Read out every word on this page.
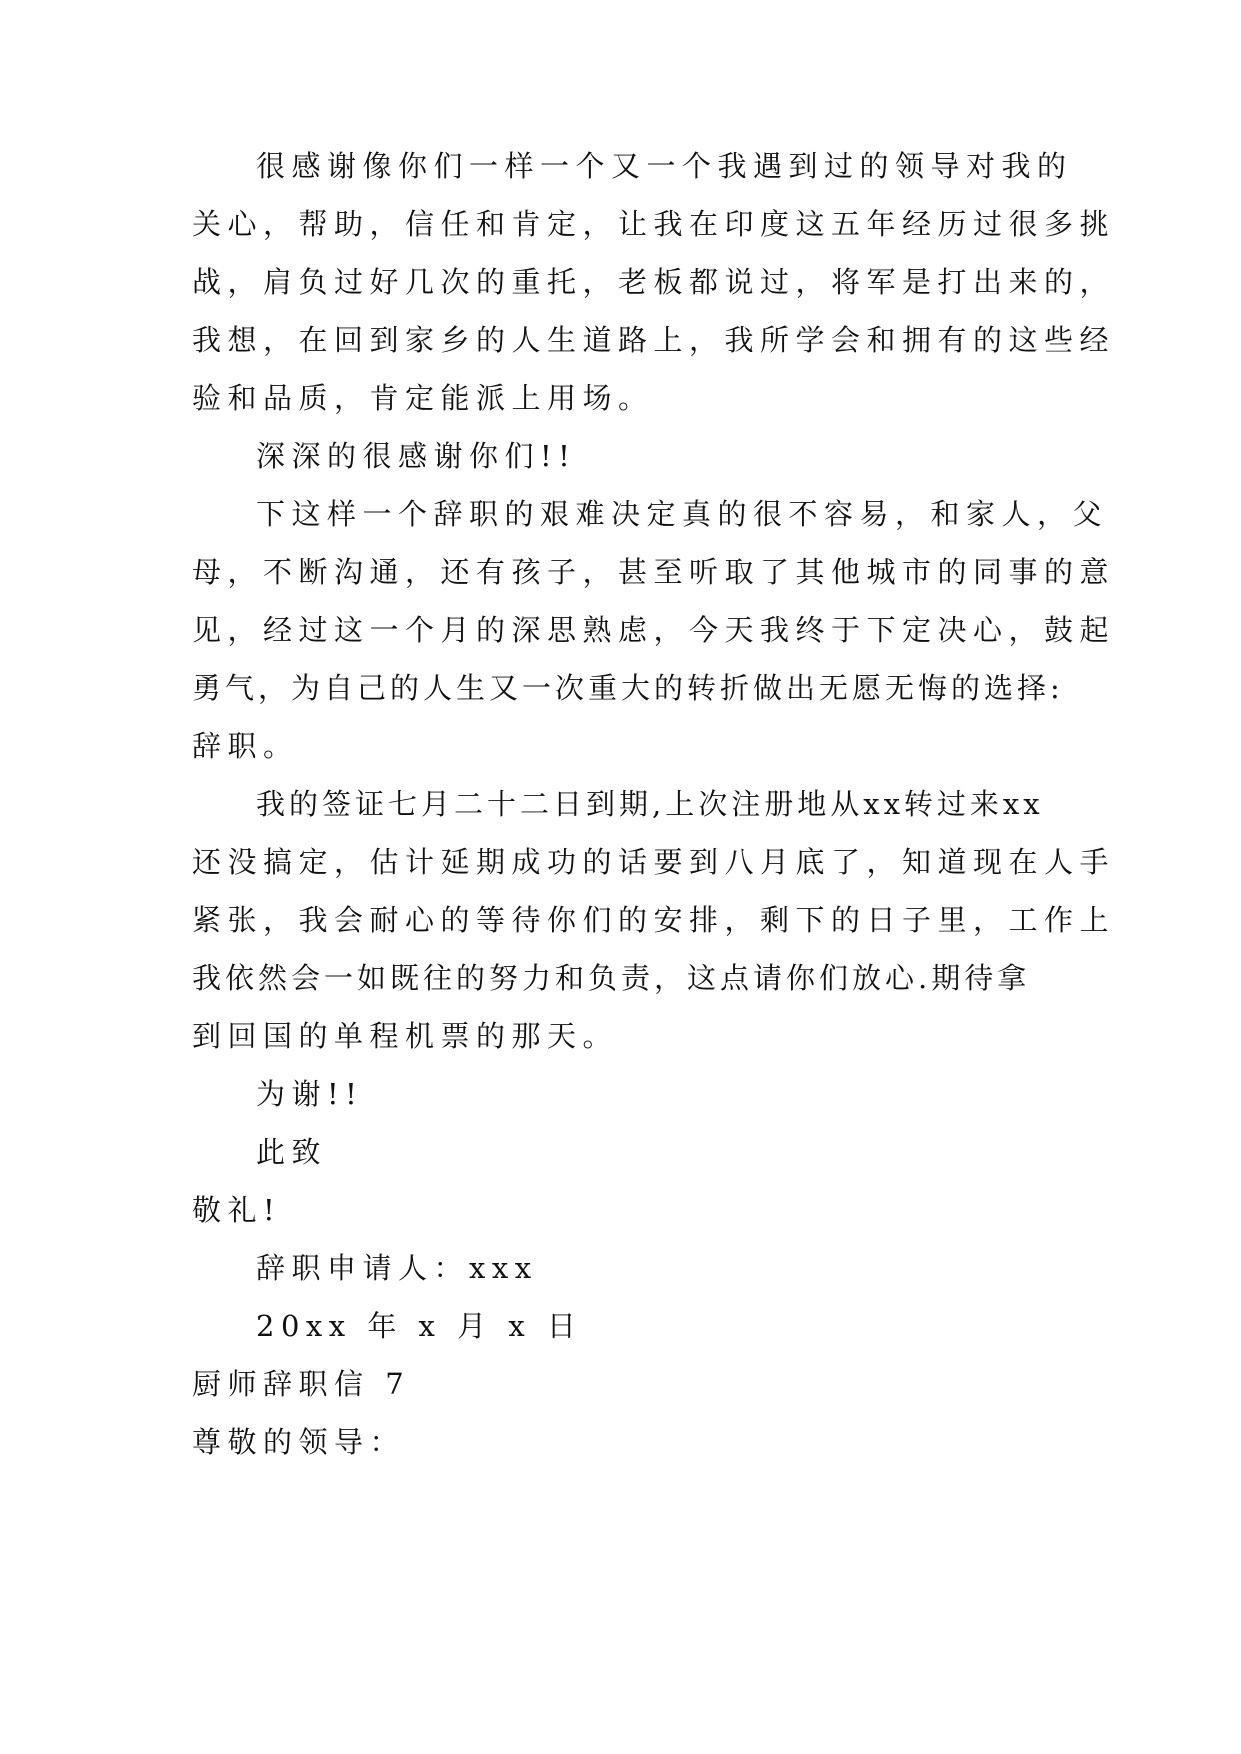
很感谢像你们一样一个又一个我遇到过的领导对我的
关心，帮助，信任和肯定，让我在印度这五年经历过很多挑
战，肩负过好几次的重托，老板都说过，将军是打出来的，
我想，在回到家乡的人生道路上，我所学会和拥有的这些经
验和品质，肯定能派上用场。
深深的很感谢你们!!
下这样一个辞职的艰难决定真的很不容易，和家人，父
母，不断沟通，还有孩子，甚至听取了其他城市的同事的意
见，经过这一个月的深思熟虑，今天我终于下定决心，鼓起
勇气，为自己的人生又一次重大的转折做出无愿无悔的选择:
辞职。
我的签证七月二十二日到期,上次注册地从xx转过来xx
还没搞定，估计延期成功的话要到八月底了，知道现在人手
紧张，我会耐心的等待你们的安排，剩下的日子里，工作上
我依然会一如既往的努力和负责，这点请你们放心.期待拿
到回国的单程机票的那天。
为谢!!
此致
敬礼!
辞职申请人：xxx
20xx 年 x 月 x 日
厨师辞职信 7
尊敬的领导：
